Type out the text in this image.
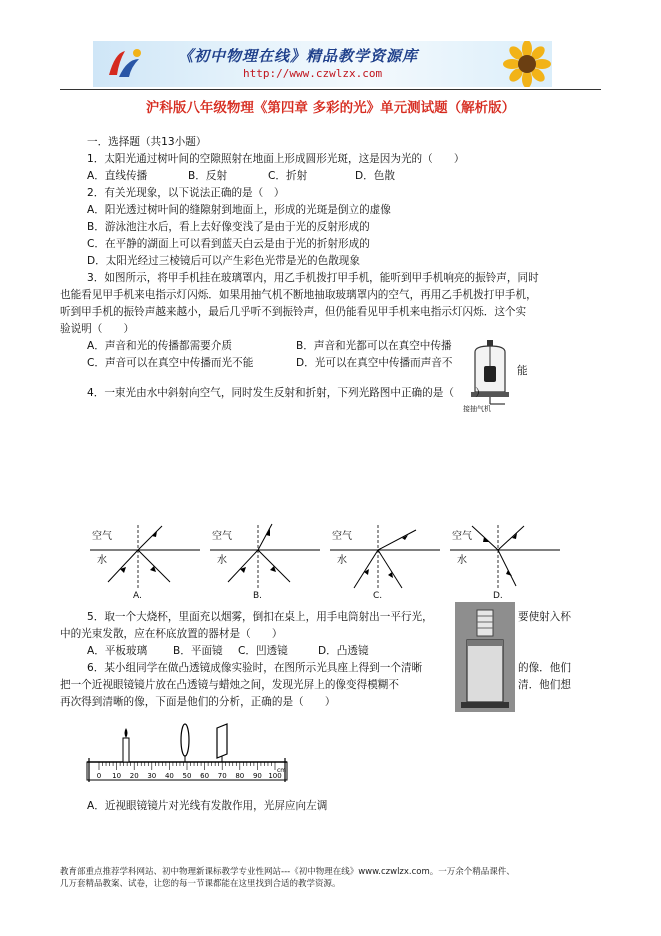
《初中物理在线》精品教学资源库
http://www.czwlzx.com
沪科版八年级物理《第四章 多彩的光》单元测试题（解析版）
一．选择题（共13小题）
1．太阳光通过树叶间的空隙照射在地面上形成圆形光斑，这是因为光的（　　）
A．直线传播	B．反射	C．折射	D．色散
2．有关光现象，以下说法正确的是（　）
A．阳光透过树叶间的缝隙射到地面上，形成的光斑是倒立的虚像
B．游泳池注水后，看上去好像变浅了是由于光的反射形成的
C．在平静的湖面上可以看到蓝天白云是由于光的折射形成的
D．太阳光经过三棱镜后可以产生彩色光带是光的色散现象
3．如图所示，将甲手机挂在玻璃罩内，用乙手机拨打甲手机，能听到甲手机响亮的振铃声，同时
也能看见甲手机来电指示灯闪烁．如果用抽气机不断地抽取玻璃罩内的空气，再用乙手机拨打甲手机，
听到甲手机的振铃声越来越小，最后几乎听不到振铃声，但仍能看见甲手机来电指示灯闪烁．这个实
验说明（　　）
A．声音和光的传播都需要介质	B．声音和光都可以在真空中传播
C．声音可以在真空中传播而光不能	D．光可以在真空中传播而声音不
能
接抽气机
4．一束光由水中斜射向空气，同时发生反射和折射，下列光路图中正确的是（　　）
空气
水
A.
空气
水
B.
空气
水
C.
空气
水
D.
5．取一个大烧杯，里面充以烟雾，倒扣在桌上，用手电筒射出一平行光，	要使射入杯
中的光束发散，应在杯底放置的器材是（　　）
A．平板玻璃 B．平面镜 C．凹透镜	D．凸透镜
6．某小组同学在做凸透镜成像实验时，在图所示光具座上得到一个清晰	的像．他们
把一个近视眼镜镜片放在凸透镜与蜡烛之间，发现光屏上的像变得模糊不	清．他们想
再次得到清晰的像，下面是他们的分析，正确的是（　　）
0 10 20 30 40 50 60 70 80 90 100
cm
A．近视眼镜镜片对光线有发散作用，光屏应向左调
教育部重点推荐学科网站、初中物理新课标教学专业性网站---《初中物理在线》www.czwlzx.com。一万余个精品课件、
几万套精品教案、试卷，让您的每一节课都能在这里找到合适的教学资源。
